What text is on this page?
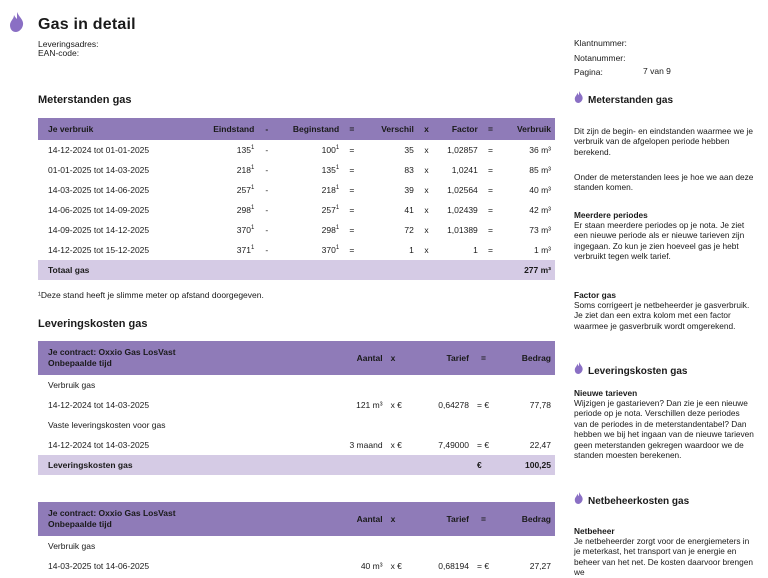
Gas in detail
Leveringsadres:
EAN-code:
Klantnummer:
Notanummer:
Pagina:	7 van 9
Meterstanden gas
Je verbruik	Eindstand	-	Beginstand	=	Verschil	x	Factor	=	Verbruik
14-12-2024 tot 01-01-2025	$135^1$	-	$100^1$	=	35	x	1,02857	=	36 m³
01-01-2025 tot 14-03-2025	$218^1$	-	$135^1$	=	83	x	1,0241	=	85 m³
14-03-2025 tot 14-06-2025	$257^1$	-	$218^1$	=	39	x	1,02564	=	40 m³
14-06-2025 tot 14-09-2025	$298^1$	-	$257^1$	=	41	x	1,02439	=	42 m³
14-09-2025 tot 14-12-2025	$370^1$	-	$298^1$	=	72	x	1,01389	=	73 m³
14-12-2025 tot 15-12-2025	$371^1$	-	$370^1$	=	1	x	1	=	1 m³
Totaal gas									277 m³
¹Deze stand heeft je slimme meter op afstand doorgegeven.
Leveringskosten gas
Je contract: Oxxio Gas LosVast
Onbepaalde tijd	Aantal	x	Tarief	=	Bedrag
Verbruik gas					
14-12-2024 tot 14-03-2025	121 m³	x €	0,64278	= €	77,78
Vaste leveringskosten voor gas					
14-12-2024 tot 14-03-2025	3 maand	x €	7,49000	= €	22,47
Leveringskosten gas				€	100,25
Je contract: Oxxio Gas LosVast
Onbepaalde tijd	Aantal	x	Tarief	=	Bedrag
Verbruik gas					
14-03-2025 tot 14-06-2025	40 m³	x €	0,68194	= €	27,27
Meterstanden gas
Dit zijn de begin- en eindstanden waarmee we je verbruik van de afgelopen periode hebben berekend.
Onder de meterstanden lees je hoe we aan deze standen komen.
Meerdere periodes
Er staan meerdere periodes op je nota. Je ziet een nieuwe periode als er nieuwe tarieven zijn ingegaan. Zo kun je zien hoeveel gas je hebt verbruikt tegen welk tarief.
Factor gas
Soms corrigeert je netbeheerder je gasverbruik. Je ziet dan een extra kolom met een factor waarmee je gasverbruik wordt omgerekend.
Leveringskosten gas
Nieuwe tarieven
Wijzigen je gastarieven? Dan zie je een nieuwe periode op je nota. Verschillen deze periodes van de periodes in de meterstandentabel? Dan hebben we bij het ingaan van de nieuwe tarieven geen meterstanden gekregen waardoor we de standen moesten berekenen.
Netbeheerkosten gas
Netbeheer
Je netbeheerder zorgt voor de energiemeters in je meterkast, het transport van je energie en beheer van het net. De kosten daarvoor brengen we
